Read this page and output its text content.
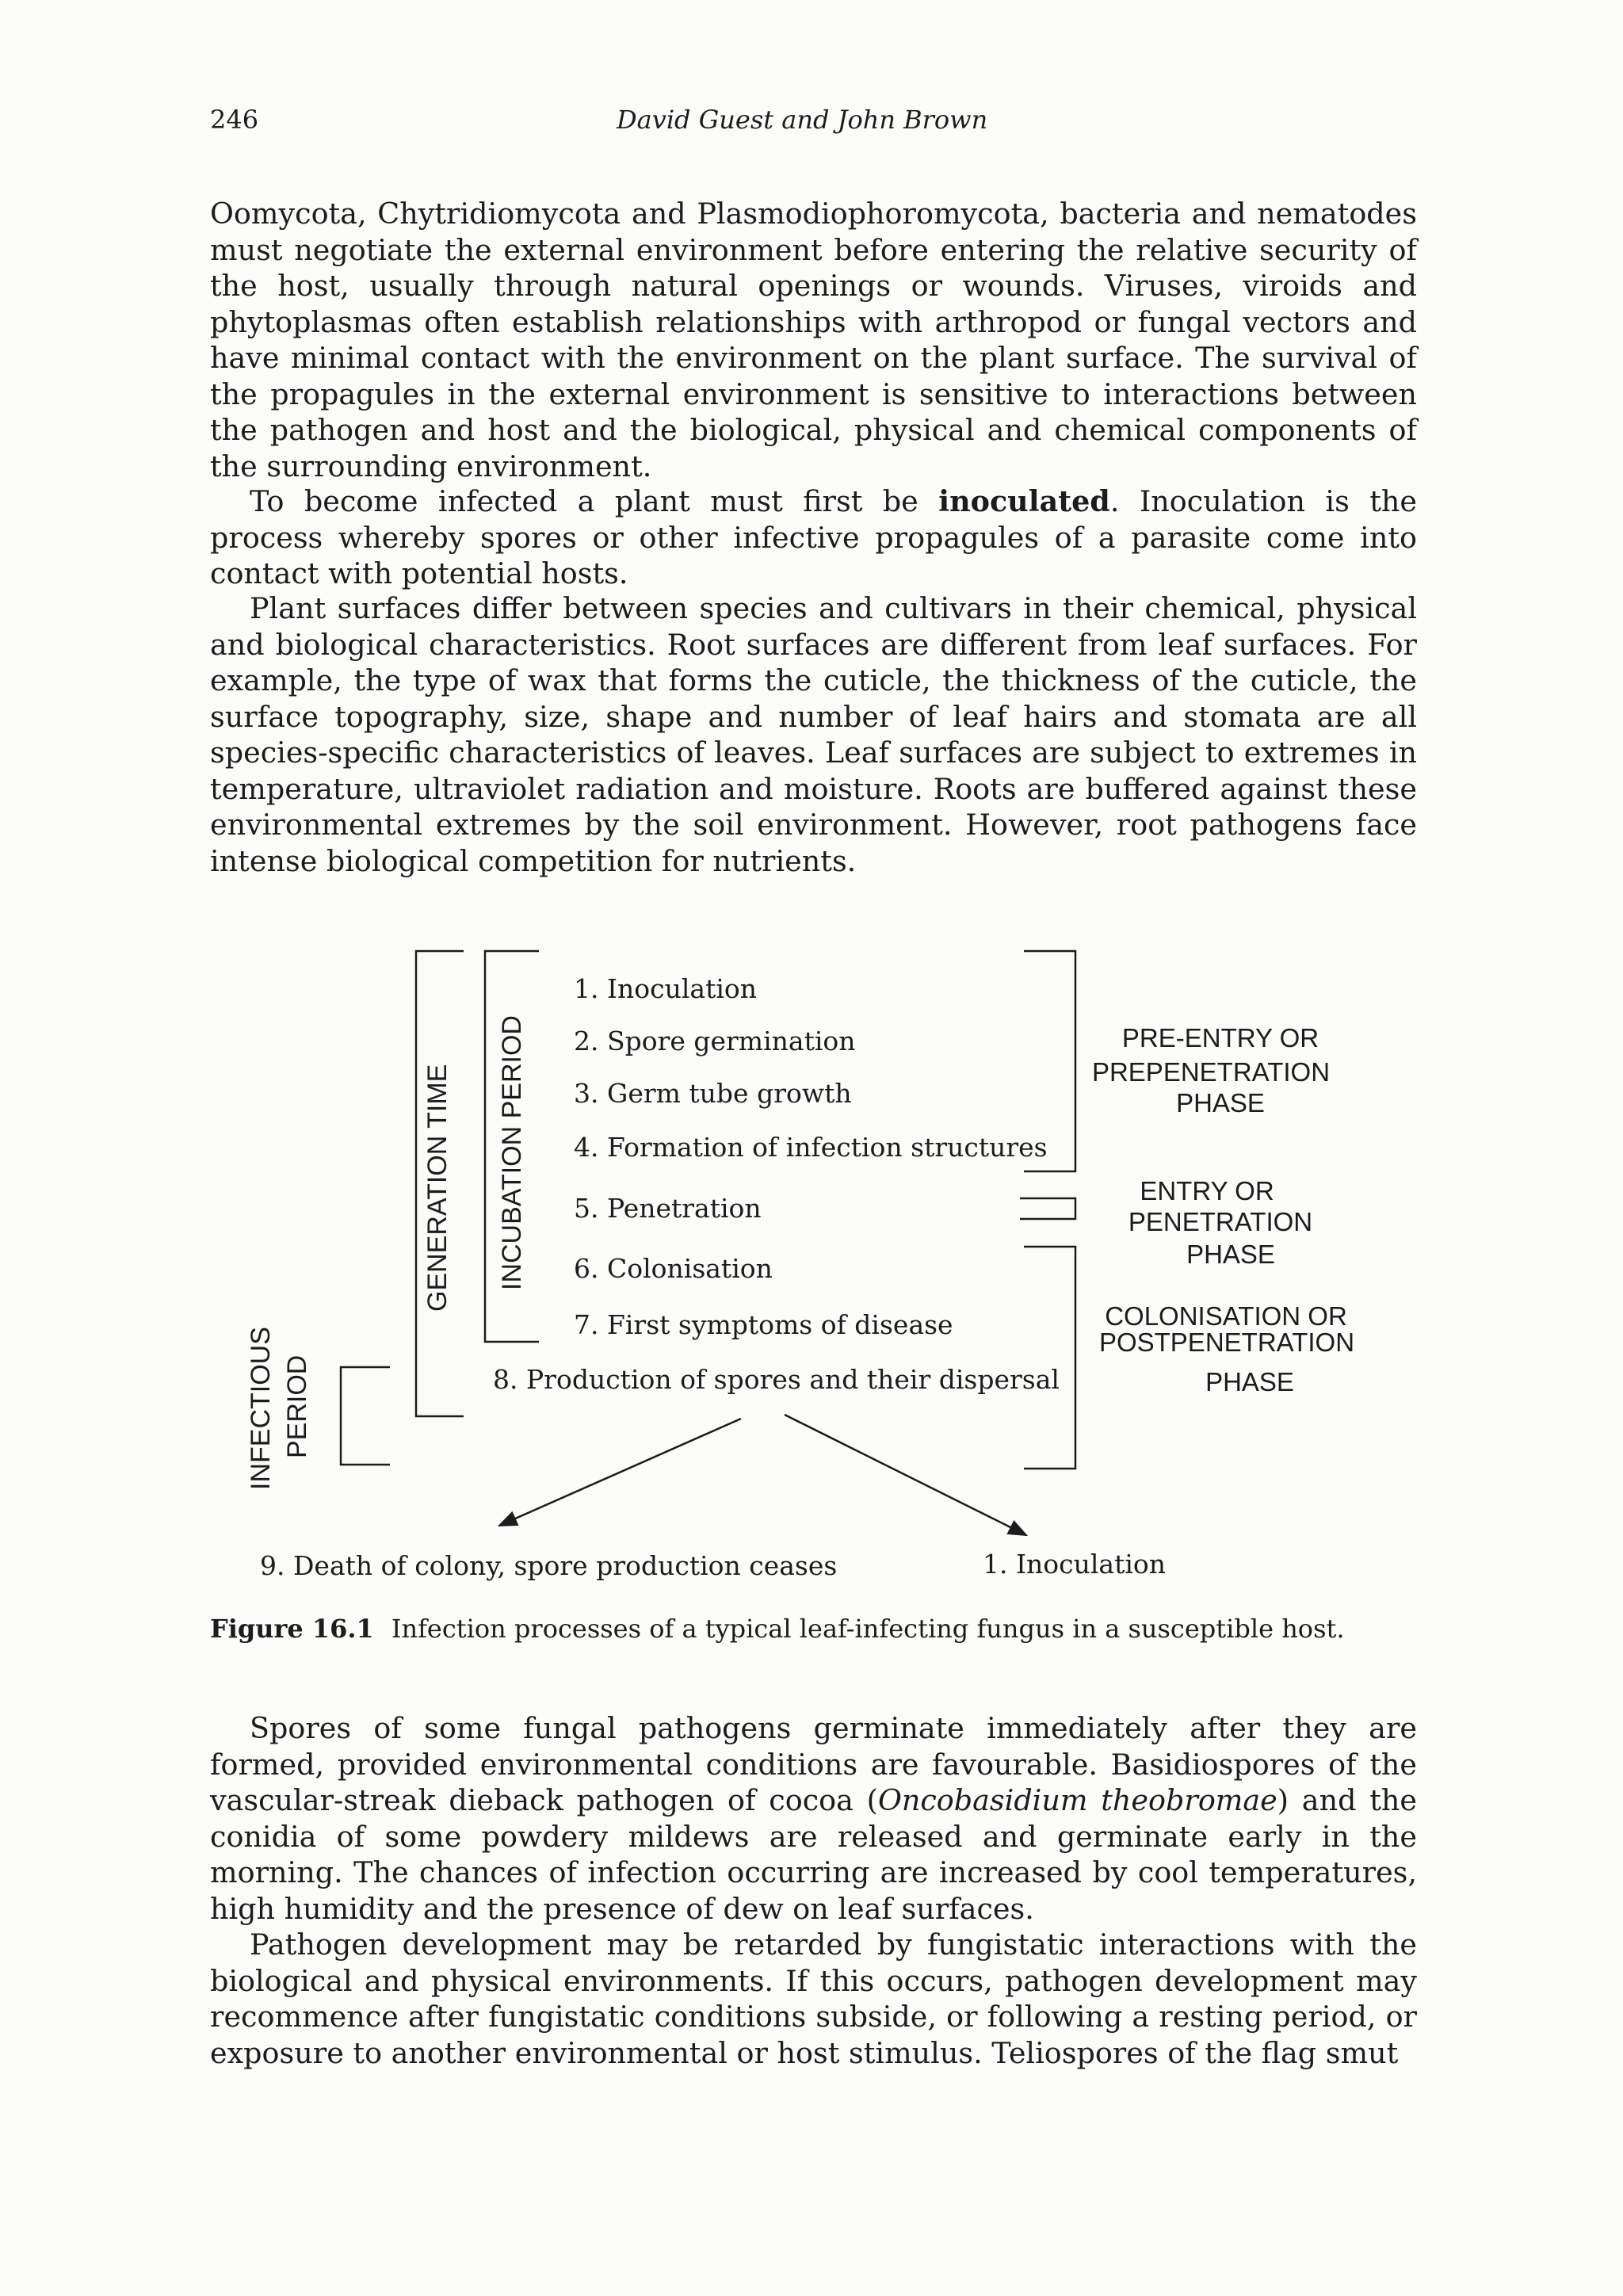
246	David Guest and John Brown

Oomycota, Chytridiomycota and Plasmodiophoromycota, bacteria and nematodes must negotiate the external environment before entering the relative security of the host, usually through natural openings or wounds. Viruses, viroids and phytoplasmas often establish relationships with arthropod or fungal vectors and have minimal contact with the environment on the plant surface. The survival of the propagules in the external environment is sensitive to interactions between the pathogen and host and the biological, physical and chemical components of the surrounding environment.

To become infected a plant must first be inoculated. Inoculation is the process whereby spores or other infective propagules of a parasite come into contact with potential hosts.

Plant surfaces differ between species and cultivars in their chemical, physical and biological characteristics. Root surfaces are different from leaf surfaces. For example, the type of wax that forms the cuticle, the thickness of the cuticle, the surface topography, size, shape and number of leaf hairs and stomata are all species-specific characteristics of leaves. Leaf surfaces are subject to extremes in temperature, ultraviolet radiation and moisture. Roots are buffered against these environmental extremes by the soil environment. However, root pathogens face intense biological competition for nutrients.

INFECTIOUS PERIOD
GENERATION TIME INCUBATION PERIOD
1. Inoculation
2. Spore germination
3. Germ tube growth
4. Formation of infection structures
5. Penetration
6. Colonisation
7. First symptoms of disease
8. Production of spores and their dispersal
PRE-ENTRY OR
PREPENETRATION
PHASE
ENTRY OR
PENETRATION
PHASE
COLONISATION OR
POSTPENETRATION
PHASE
9. Death of colony, spore production ceases	1. Inoculation
Figure 16.1 Infection processes of a typical leaf-infecting fungus in a susceptible host.

Spores of some fungal pathogens germinate immediately after they are formed, provided environmental conditions are favourable. Basidiospores of the vascular-streak dieback pathogen of cocoa (Oncobasidium theobromae) and the conidia of some powdery mildews are released and germinate early in the morning. The chances of infection occurring are increased by cool temperatures, high humidity and the presence of dew on leaf surfaces.

Pathogen development may be retarded by fungistatic interactions with the biological and physical environments. If this occurs, pathogen development may recommence after fungistatic conditions subside, or following a resting period, or exposure to another environmental or host stimulus. Teliospores of the flag smut
